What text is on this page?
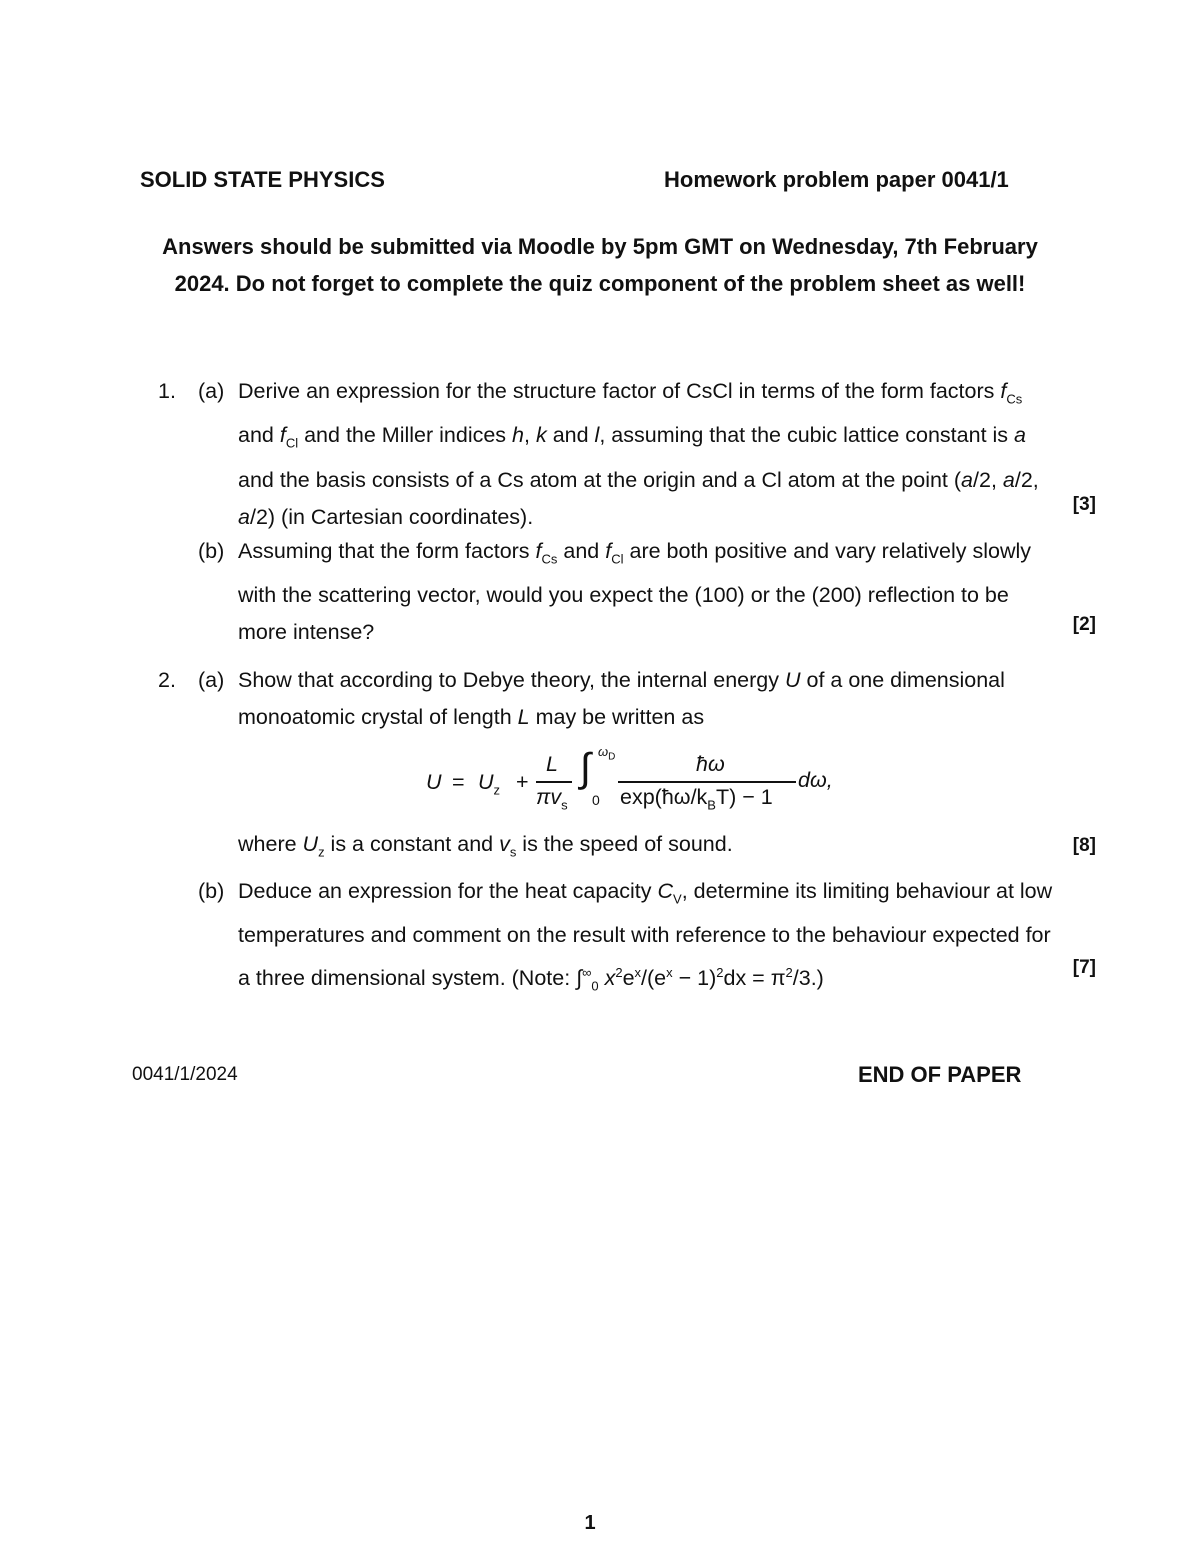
SOLID STATE PHYSICS	Homework problem paper 0041/1
Answers should be submitted via Moodle by 5pm GMT on Wednesday, 7th February 2024. Do not forget to complete the quiz component of the problem sheet as well!
1. (a) Derive an expression for the structure factor of CsCl in terms of the form factors $f_{Cs}$ and $f_{Cl}$ and the Miller indices h, k and l, assuming that the cubic lattice constant is a and the basis consists of a Cs atom at the origin and a Cl atom at the point (a/2, a/2, a/2) (in Cartesian coordinates).
[3]
(b) Assuming that the form factors $f_{Cs}$ and $f_{Cl}$ are both positive and vary relatively slowly with the scattering vector, would you expect the (100) or the (200) reflection to be more intense?	[2]
2. (a) Show that according to Debye theory, the internal energy U of a one dimensional monoatomic crystal of length L may be written as
$U = U_z$ +
L
$\pi v_s$
∫ $\omega_D$
0
ħω
$\exp(ħ\omega/k_BT) - 1$
dω,
where $U_z$ is a constant and $v_s$ is the speed of sound.	[8]
(b) Deduce an expression for the heat capacity $C_V$, determine its limiting behaviour at low temperatures and comment on the result with reference to the behaviour expected for a three dimensional system. (Note: $\int^\infty_0$ $x^2e^x/(e^x - 1)^2dx = \pi^2/3$.)	[7]
0041/1/2024	END OF PAPER
1
